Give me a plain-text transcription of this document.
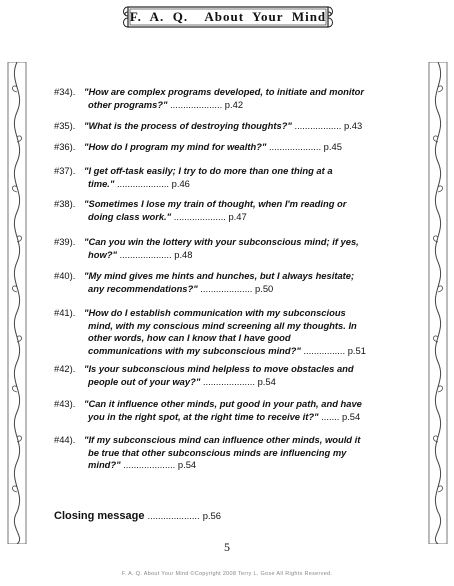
F.  A.  Q.    About  Your  Mind
#34). "How are complex programs developed, to initiate and monitor
other programs?" .................... p.42
#35). "What is the process of destroying thoughts?" .................. p.43
#36). "How do I program my mind for wealth?" .................... p.45
#37). "I get off-task easily; I try to do more than one thing at a
time." .................... p.46
#38). "Sometimes I lose my train of thought, when I'm reading or
doing class work." .................... p.47
#39). "Can you win the lottery with your subconscious mind; if yes,
how?" .................... p.48
#40). "My mind gives me hints and hunches, but I always hesitate;
any recommendations?" .................... p.50
#41). "How do I establish communication with my subconscious
mind, with my conscious mind screening all my thoughts. In
other words, how can I know that I have good
communications with my subconscious mind?" ................ p.51
#42). "Is your subconscious mind helpless to move obstacles and
people out of your way?" .................... p.54
#43). "Can it influence other minds, put good in your path, and have
you in the right spot, at the right time to receive it?" ....... p.54
#44). "If my subconscious mind can influence other minds, would it
be true that other subconscious minds are influencing my
mind?" .................... p.54
Closing message .................... p.56
5
F. A. Q. About Your Mind ©Copyright 2008 Terry L. Gose All Rights Reserved.
